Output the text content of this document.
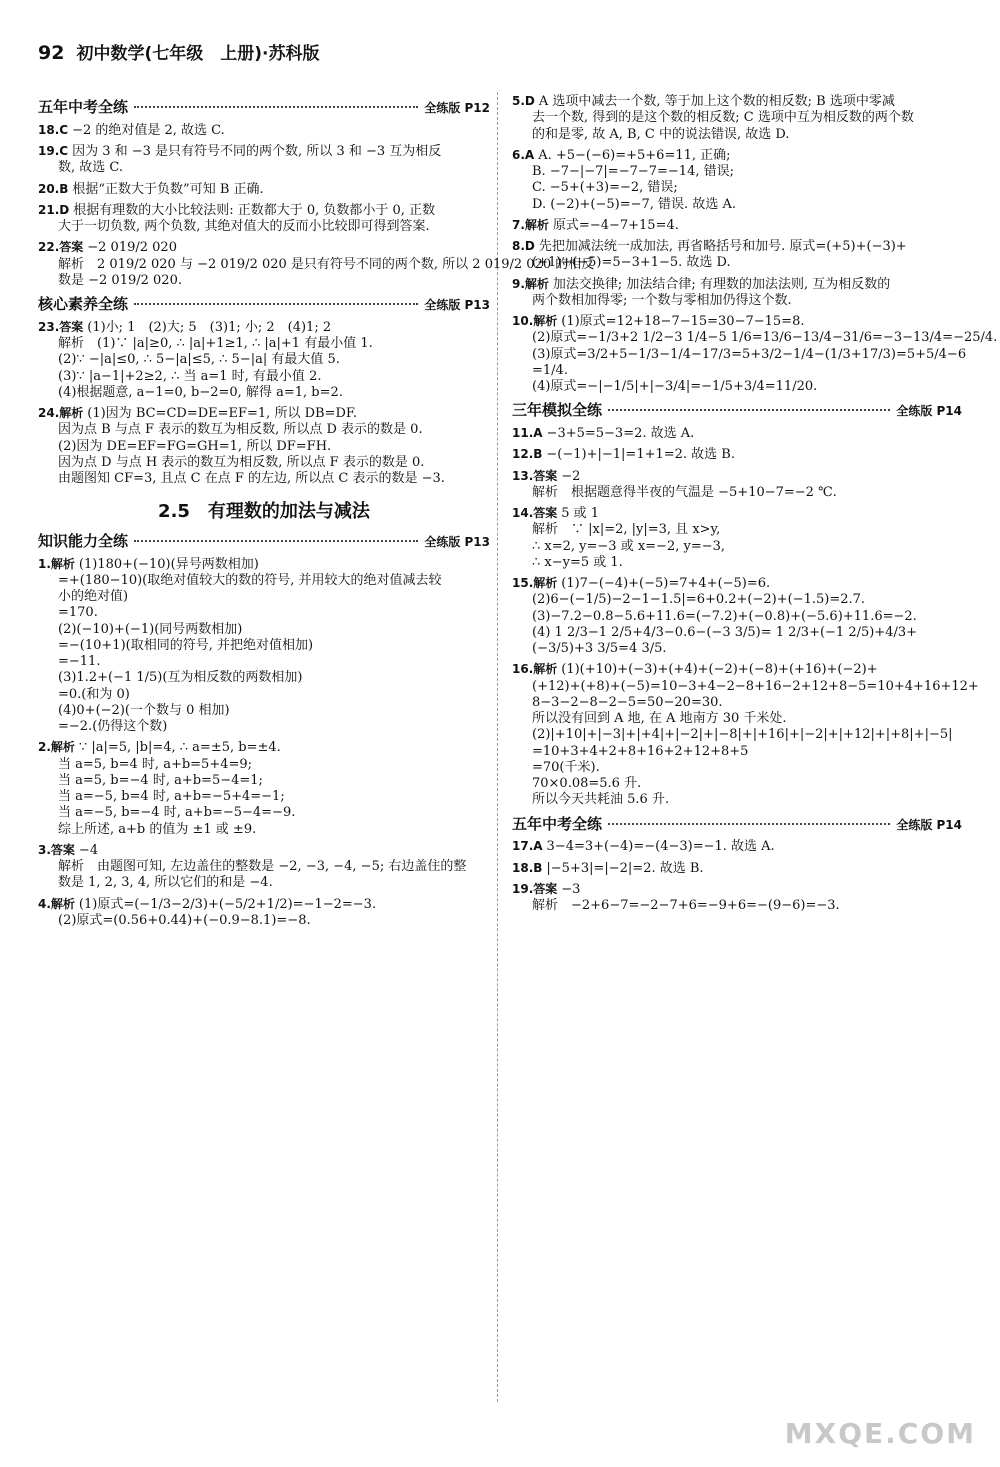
92 初中数学(七年级　上册)·苏科版
五年中考全练	全练版 P12
18.C −2 的绝对值是 2, 故选 C.
19.C 因为 3 和 −3 是只有符号不同的两个数, 所以 3 和 −3 互为相反
数, 故选 C.
20.B 根据“正数大于负数”可知 B 正确.
21.D 根据有理数的大小比较法则: 正数都大于 0, 负数都小于 0, 正数
大于一切负数, 两个负数, 其绝对值大的反而小比较即可得到答案.
22.答案 −2 019/2 020
解析　2 019/2 020 与 −2 019/2 020 是只有符号不同的两个数, 所以 2 019/2 020 的相反
数是 −2 019/2 020.
核心素养全练	全练版 P13
23.答案 (1)小; 1　(2)大; 5　(3)1; 小; 2　(4)1; 2
解析　(1)∵ |a|≥0, ∴ |a|+1≥1, ∴ |a|+1 有最小值 1.
(2)∵ −|a|≤0, ∴ 5−|a|≤5, ∴ 5−|a| 有最大值 5.
(3)∵ |a−1|+2≥2, ∴ 当 a=1 时, 有最小值 2.
(4)根据题意, a−1=0, b−2=0, 解得 a=1, b=2.
24.解析 (1)因为 BC=CD=DE=EF=1, 所以 DB=DF.
因为点 B 与点 F 表示的数互为相反数, 所以点 D 表示的数是 0.
(2)因为 DE=EF=FG=GH=1, 所以 DF=FH.
因为点 D 与点 H 表示的数互为相反数, 所以点 F 表示的数是 0.
由题图知 CF=3, 且点 C 在点 F 的左边, 所以点 C 表示的数是 −3.
2.5　有理数的加法与减法
知识能力全练	全练版 P13
1.解析 (1)180+(−10)(异号两数相加)
=+(180−10)(取绝对值较大的数的符号, 并用较大的绝对值减去较
小的绝对值)
=170.
(2)(−10)+(−1)(同号两数相加)
=−(10+1)(取相同的符号, 并把绝对值相加)
=−11.
(3)1.2+(−1 1/5)(互为相反数的两数相加)
=0.(和为 0)
(4)0+(−2)(一个数与 0 相加)
=−2.(仍得这个数)
2.解析 ∵ |a|=5, |b|=4, ∴ a=±5, b=±4.
当 a=5, b=4 时, a+b=5+4=9;
当 a=5, b=−4 时, a+b=5−4=1;
当 a=−5, b=4 时, a+b=−5+4=−1;
当 a=−5, b=−4 时, a+b=−5−4=−9.
综上所述, a+b 的值为 ±1 或 ±9.
3.答案 −4
解析　由题图可知, 左边盖住的整数是 −2, −3, −4, −5; 右边盖住的整
数是 1, 2, 3, 4, 所以它们的和是 −4.
4.解析 (1)原式=(−1/3−2/3)+(−5/2+1/2)=−1−2=−3.
(2)原式=(0.56+0.44)+(−0.9−8.1)=−8.
5.D A 选项中减去一个数, 等于加上这个数的相反数; B 选项中零减
去一个数, 得到的是这个数的相反数; C 选项中互为相反数的两个数
的和是零, 故 A, B, C 中的说法错误, 故选 D.
6.A A. +5−(−6)=+5+6=11, 正确;
B. −7−|−7|=−7−7=−14, 错误;
C. −5+(+3)=−2, 错误;
D. (−2)+(−5)=−7, 错误. 故选 A.
7.解析 原式=−4−7+15=4.
8.D 先把加减法统一成加法, 再省略括号和加号. 原式=(+5)+(−3)+
(+1)+(−5)=5−3+1−5. 故选 D.
9.解析 加法交换律; 加法结合律; 有理数的加法法则, 互为相反数的
两个数相加得零; 一个数与零相加仍得这个数.
10.解析 (1)原式=12+18−7−15=30−7−15=8.
(2)原式=−1/3+2 1/2−3 1/4−5 1/6=13/6−13/4−31/6=−3−13/4=−25/4.
(3)原式=3/2+5−1/3−1/4−17/3=5+3/2−1/4−(1/3+17/3)=5+5/4−6
=1/4.
(4)原式=−|−1/5|+|−3/4|=−1/5+3/4=11/20.
三年模拟全练	全练版 P14
11.A −3+5=5−3=2. 故选 A.
12.B −(−1)+|−1|=1+1=2. 故选 B.
13.答案 −2
解析　根据题意得半夜的气温是 −5+10−7=−2 ℃.
14.答案 5 或 1
解析　∵ |x|=2, |y|=3, 且 x>y,
∴ x=2, y=−3 或 x=−2, y=−3,
∴ x−y=5 或 1.
15.解析 (1)7−(−4)+(−5)=7+4+(−5)=6.
(2)6−(−1/5)−2−1−1.5|=6+0.2+(−2)+(−1.5)=2.7.
(3)−7.2−0.8−5.6+11.6=(−7.2)+(−0.8)+(−5.6)+11.6=−2.
(4) 1 2/3−1 2/5+4/3−0.6−(−3 3/5)= 1 2/3+(−1 2/5)+4/3+
(−3/5)+3 3/5=4 3/5.
16.解析 (1)(+10)+(−3)+(+4)+(−2)+(−8)+(+16)+(−2)+
(+12)+(+8)+(−5)=10−3+4−2−8+16−2+12+8−5=10+4+16+12+
8−3−2−8−2−5=50−20=30.
所以没有回到 A 地, 在 A 地南方 30 千米处.
(2)|+10|+|−3|+|+4|+|−2|+|−8|+|+16|+|−2|+|+12|+|+8|+|−5|
=10+3+4+2+8+16+2+12+8+5
=70(千米).
70×0.08=5.6 升.
所以今天共耗油 5.6 升.
五年中考全练	全练版 P14
17.A 3−4=3+(−4)=−(4−3)=−1. 故选 A.
18.B |−5+3|=|−2|=2. 故选 B.
19.答案 −3
解析　−2+6−7=−2−7+6=−9+6=−(9−6)=−3.
MXQE.COM
